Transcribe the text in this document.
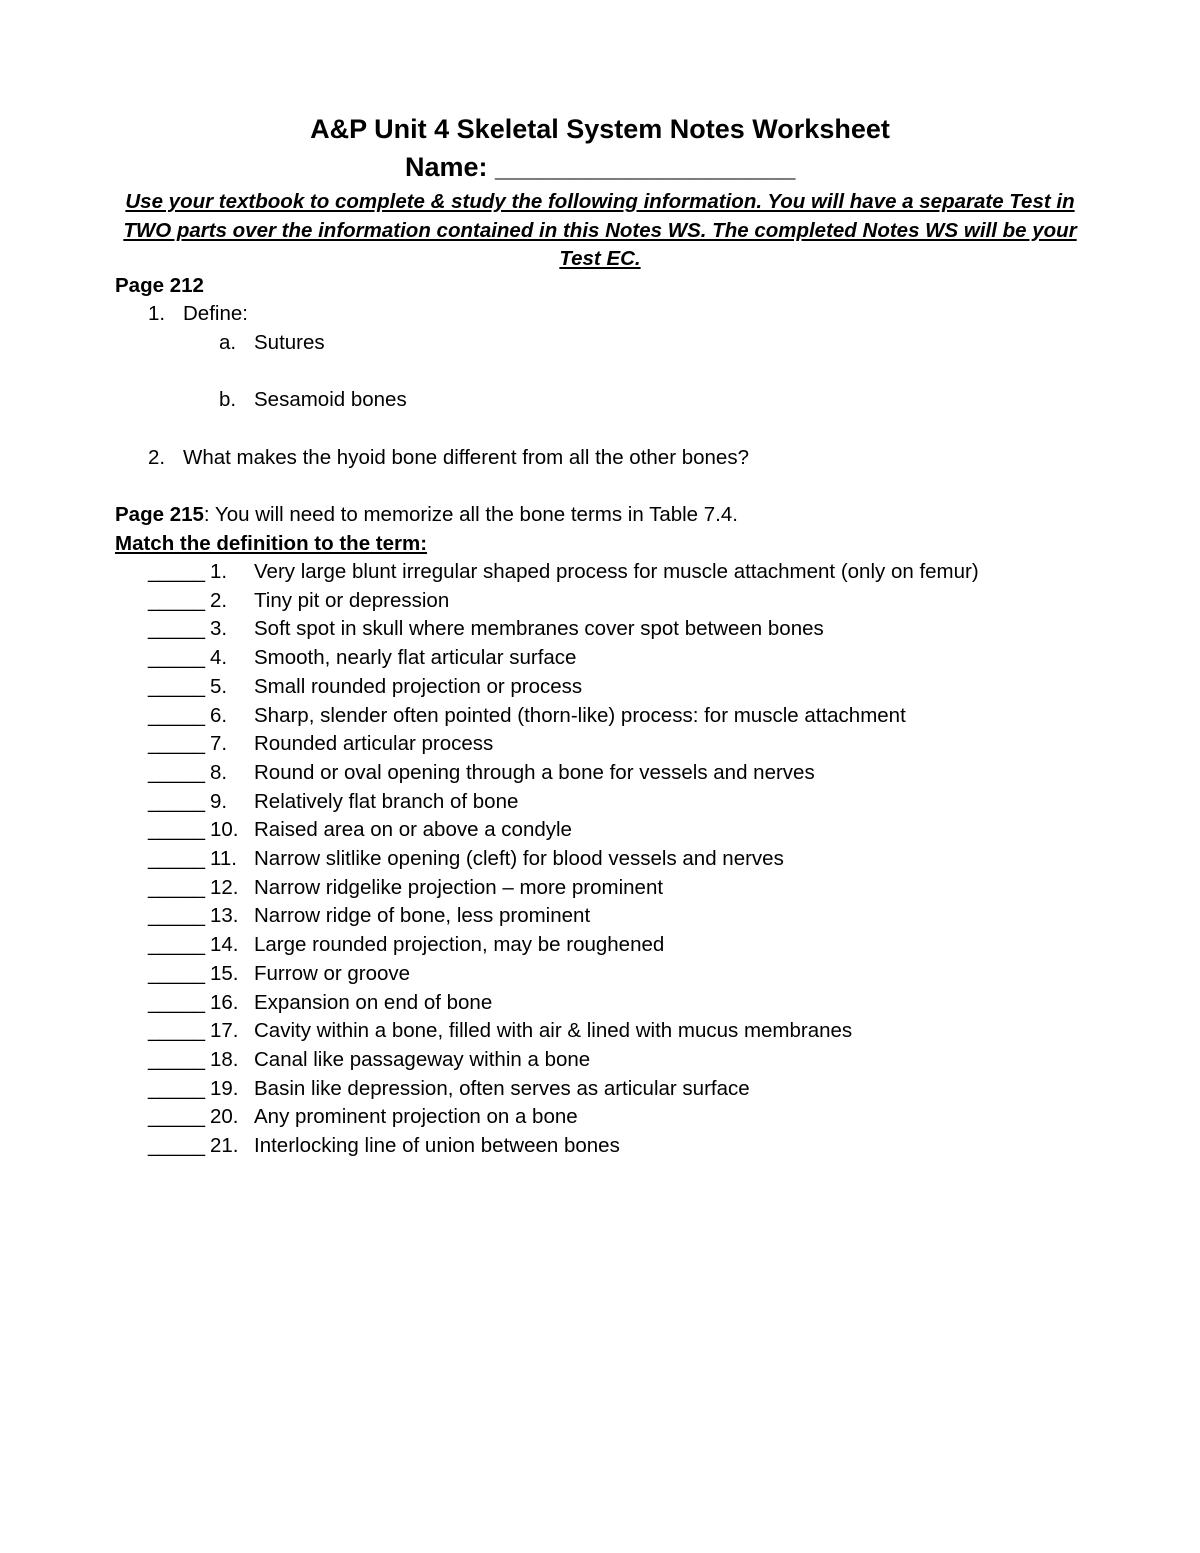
A&P Unit 4 Skeletal System Notes Worksheet
Name: ____________________
Use your textbook to complete & study the following information. You will have a separate Test in TWO parts over the information contained in this Notes WS. The completed Notes WS will be your Test EC.
Page 212
1. Define:
a. Sutures
b. Sesamoid bones
2. What makes the hyoid bone different from all the other bones?
Page 215: You will need to memorize all the bone terms in Table 7.4.
Match the definition to the term:
_____ 1. Very large blunt irregular shaped process for muscle attachment (only on femur)
_____ 2. Tiny pit or depression
_____ 3. Soft spot in skull where membranes cover spot between bones
_____ 4. Smooth, nearly flat articular surface
_____ 5. Small rounded projection or process
_____ 6. Sharp, slender often pointed (thorn-like) process: for muscle attachment
_____ 7. Rounded articular process
_____ 8. Round or oval opening through a bone for vessels and nerves
_____ 9. Relatively flat branch of bone
_____ 10. Raised area on or above a condyle
_____ 11. Narrow slitlike opening (cleft) for blood vessels and nerves
_____ 12. Narrow ridgelike projection – more prominent
_____ 13. Narrow ridge of bone, less prominent
_____ 14. Large rounded projection, may be roughened
_____ 15. Furrow or groove
_____ 16. Expansion on end of bone
_____ 17. Cavity within a bone, filled with air & lined with mucus membranes
_____ 18. Canal like passageway within a bone
_____ 19. Basin like depression, often serves as articular surface
_____ 20. Any prominent projection on a bone
_____ 21. Interlocking line of union between bones
